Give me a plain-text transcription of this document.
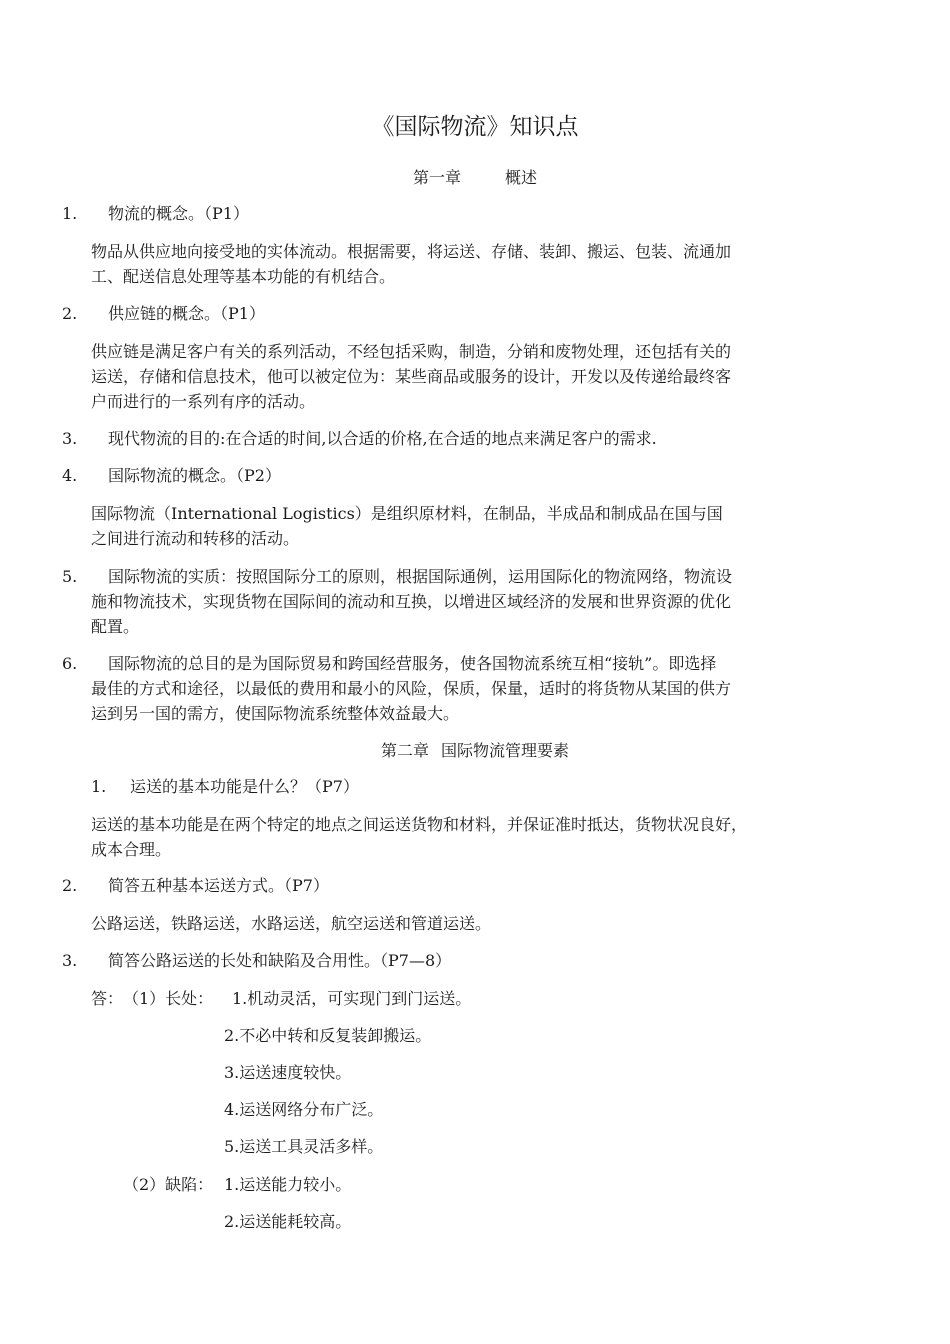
《国际物流》知识点
第一章	概述
1. 物流的概念。（P1）
物品从供应地向接受地的实体流动。根据需要，将运送、存储、装卸、搬运、包装、流通加
工、配送信息处理等基本功能的有机结合。
2. 供应链的概念。（P1）
供应链是满足客户有关的系列活动，不经包括采购，制造，分销和废物处理，还包括有关的
运送，存储和信息技术，他可以被定位为：某些商品或服务的设计，开发以及传递给最终客
户而进行的一系列有序的活动。
3. 现代物流的目的:在合适的时间,以合适的价格,在合适的地点来满足客户的需求.
4. 国际物流的概念。（P2）
国际物流（International Logistics）是组织原材料，在制品，半成品和制成品在国与国
之间进行流动和转移的活动。
5.	国际物流的实质：按照国际分工的原则，根据国际通例，运用国际化的物流网络，物流设
施和物流技术，实现货物在国际间的流动和互换，以增进区域经济的发展和世界资源的优化
配置。
6.	国际物流的总目的是为国际贸易和跨国经营服务，使各国物流系统互相“接轨”。即选择
最佳的方式和途径，以最低的费用和最小的风险，保质，保量，适时的将货物从某国的供方
运到另一国的需方，使国际物流系统整体效益最大。
第二章 国际物流管理要素
1. 运送的基本功能是什么？（P7）
运送的基本功能是在两个特定的地点之间运送货物和材料，并保证准时抵达，货物状况良好，
成本合理。
2. 简答五种基本运送方式。（P7）
公路运送，铁路运送，水路运送，航空运送和管道运送。
3. 简答公路运送的长处和缺陷及合用性。（P7—8）
答： （1）长处： 1.机动灵活，可实现门到门运送。
2.不必中转和反复装卸搬运。
3.运送速度较快。
4.运送网络分布广泛。
5.运送工具灵活多样。
（2）缺陷： 1.运送能力较小。
2.运送能耗较高。
